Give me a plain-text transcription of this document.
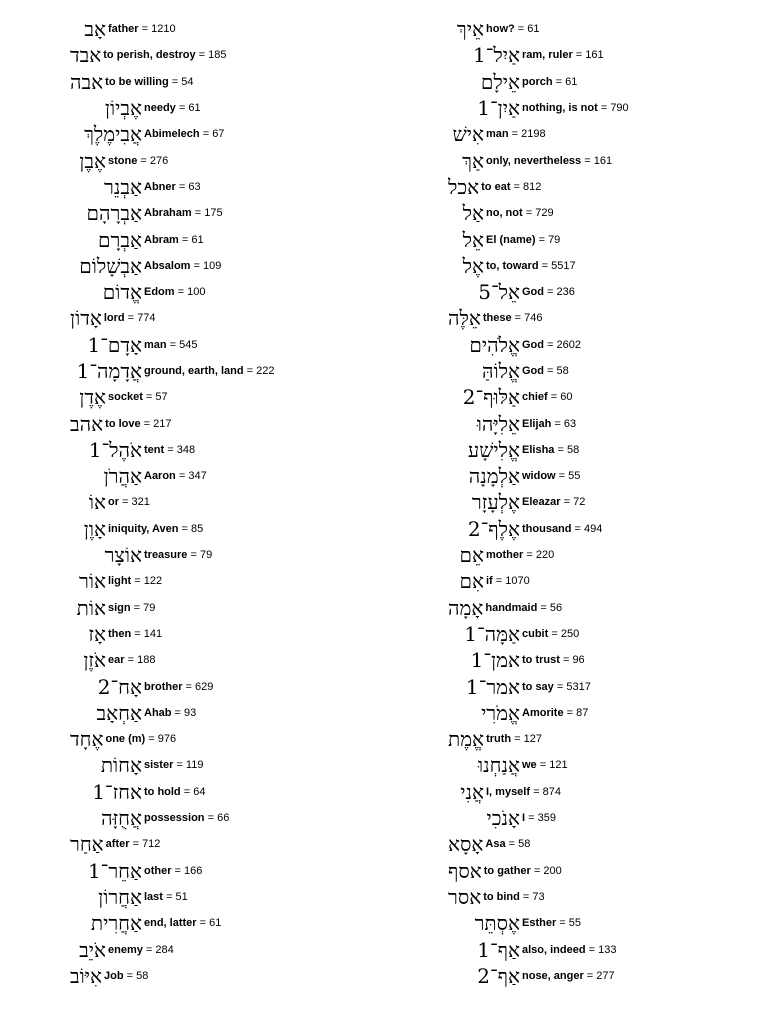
אָב father = 1210
אבד to perish, destroy = 185
אבה to be willing = 54
אֶבְיוֹן needy = 61
אֲבִימֶלֶךְ Abimelech = 67
אֶבֶן stone = 276
אַבְנֵר Abner = 63
אַבְרָהָם Abraham = 175
אַבְרָם Abram = 61
אַבְשָׁלוֹם Absalom = 109
אֱדוֹם Edom = 100
אָדוֹן lord = 774
1 אָדָם־ man = 545
1 אֲדָמָה־ ground, earth, land = 222
אֶדֶן socket = 57
אהב to love = 217
1 אֹהֶל־ tent = 348
אַהֲרֹן Aaron = 347
אוֹ or = 321
אָוֶן iniquity, Aven = 85
אוֹצָר treasure = 79
אוֹר light = 122
אוֹת sign = 79
אָז then = 141
אֹזֶן ear = 188
2 אָח־ brother = 629
אַחְאָב Ahab = 93
אֶחָד one (m) = 976
אָחוֹת sister = 119
1 אחז־ to hold = 64
אֲחֻזָּה possession = 66
אַחַר after = 712
1 אַחֵר־ other = 166
אַחֲרוֹן last = 51
אַחֲרִית end, latter = 61
אֹיֵב enemy = 284
אִיּוֹב Job = 58
אֵיךְ how? = 61
1 אַיִל־ ram, ruler = 161
אֵילָם porch = 61
1 אַיִן־ nothing, is not = 790
אִישׁ man = 2198
אַךְ only, nevertheless = 161
אכל to eat = 812
אַל no, not = 729
אֵל El (name) = 79
אֶל to, toward = 5517
5 אֵל־ God = 236
אֵלֶּה these = 746
אֱלֹהִים God = 2602
אֱלוֹהַּ God = 58
2 אַלּוּף־ chief = 60
אֵלִיָּהוּ Elijah = 63
אֱלִישָׁע Elisha = 58
אַלְמָנָה widow = 55
אֶלְעָזָר Eleazar = 72
2 אֶלֶף־ thousand = 494
אֵם mother = 220
אִם if = 1070
אָמָה handmaid = 56
1 אַמָּה־ cubit = 250
1 אמן־ to trust = 96
1 אמר־ to say = 5317
אֱמֹרִי Amorite = 87
אֱמֶת truth = 127
אֲנַחְנוּ we = 121
אֲנִי I, myself = 874
אָנֹכִי I = 359
אָסָא Asa = 58
אסף to gather = 200
אסר to bind = 73
אֶסְתֵּר Esther = 55
1 אַף־ also, indeed = 133
2 אַף־ nose, anger = 277
